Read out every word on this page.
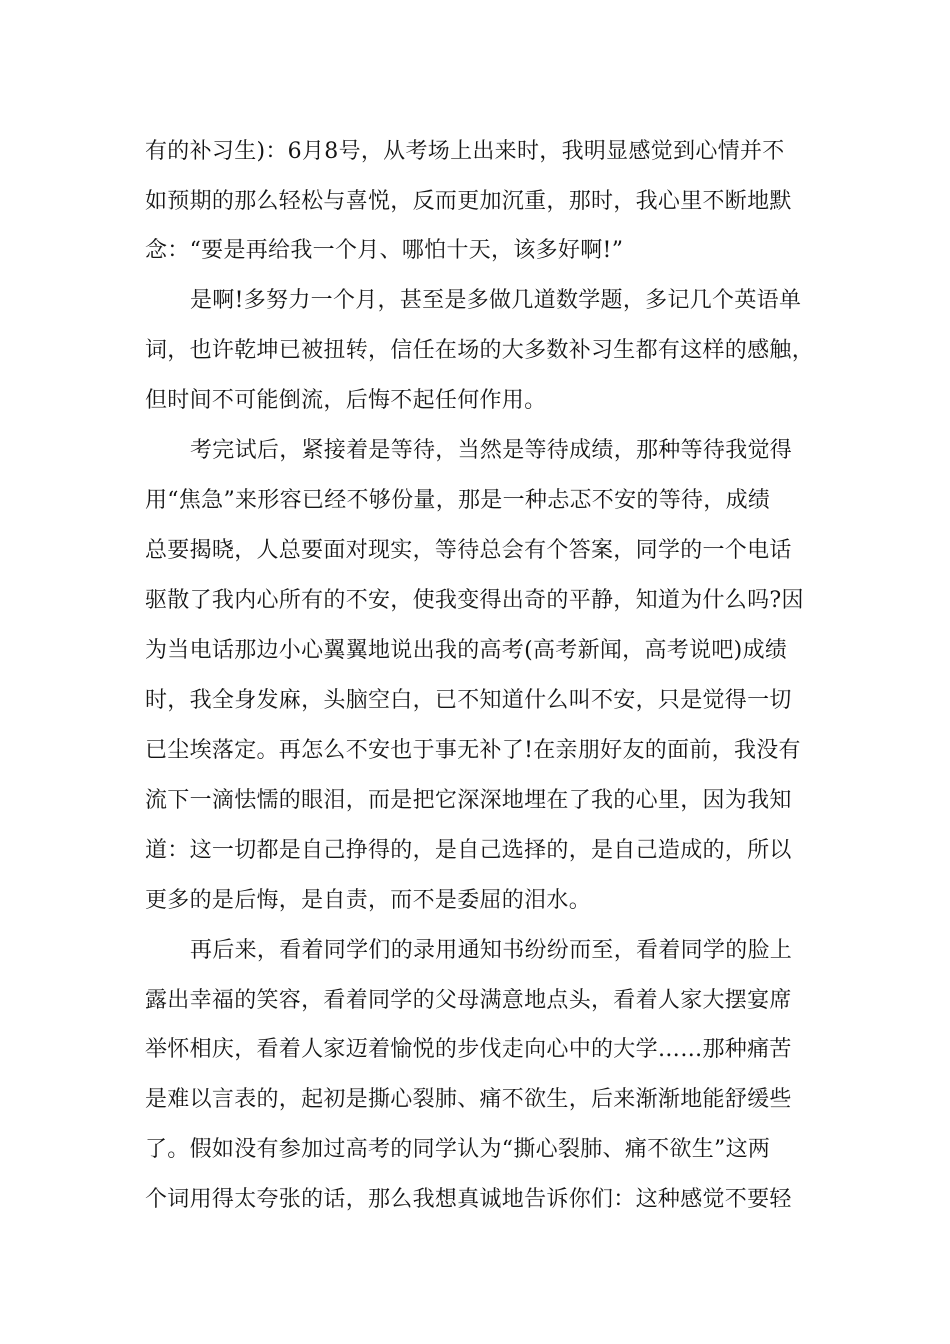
有的补习生)：6月8号，从考场上出来时，我明显感觉到心情并不
如预期的那么轻松与喜悦，反而更加沉重，那时，我心里不断地默
念：“要是再给我一个月、哪怕十天，该多好啊!”
是啊!多努力一个月，甚至是多做几道数学题，多记几个英语单
词，也许乾坤已被扭转，信任在场的大多数补习生都有这样的感触，
但时间不可能倒流，后悔不起任何作用。
考完试后，紧接着是等待，当然是等待成绩，那种等待我觉得
用“焦急”来形容已经不够份量，那是一种忐忑不安的等待，成绩
总要揭晓，人总要面对现实，等待总会有个答案，同学的一个电话
驱散了我内心所有的不安，使我变得出奇的平静，知道为什么吗?因
为当电话那边小心翼翼地说出我的高考(高考新闻，高考说吧)成绩
时，我全身发麻，头脑空白，已不知道什么叫不安，只是觉得一切
已尘埃落定。再怎么不安也于事无补了!在亲朋好友的面前，我没有
流下一滴怯懦的眼泪，而是把它深深地埋在了我的心里，因为我知
道：这一切都是自己挣得的，是自己选择的，是自己造成的，所以
更多的是后悔，是自责，而不是委屈的泪水。
再后来，看着同学们的录用通知书纷纷而至，看着同学的脸上
露出幸福的笑容，看着同学的父母满意地点头，看着人家大摆宴席
举怀相庆，看着人家迈着愉悦的步伐走向心中的大学……那种痛苦
是难以言表的，起初是撕心裂肺、痛不欲生，后来渐渐地能舒缓些
了。假如没有参加过高考的同学认为“撕心裂肺、痛不欲生”这两
个词用得太夸张的话，那么我想真诚地告诉你们：这种感觉不要轻
